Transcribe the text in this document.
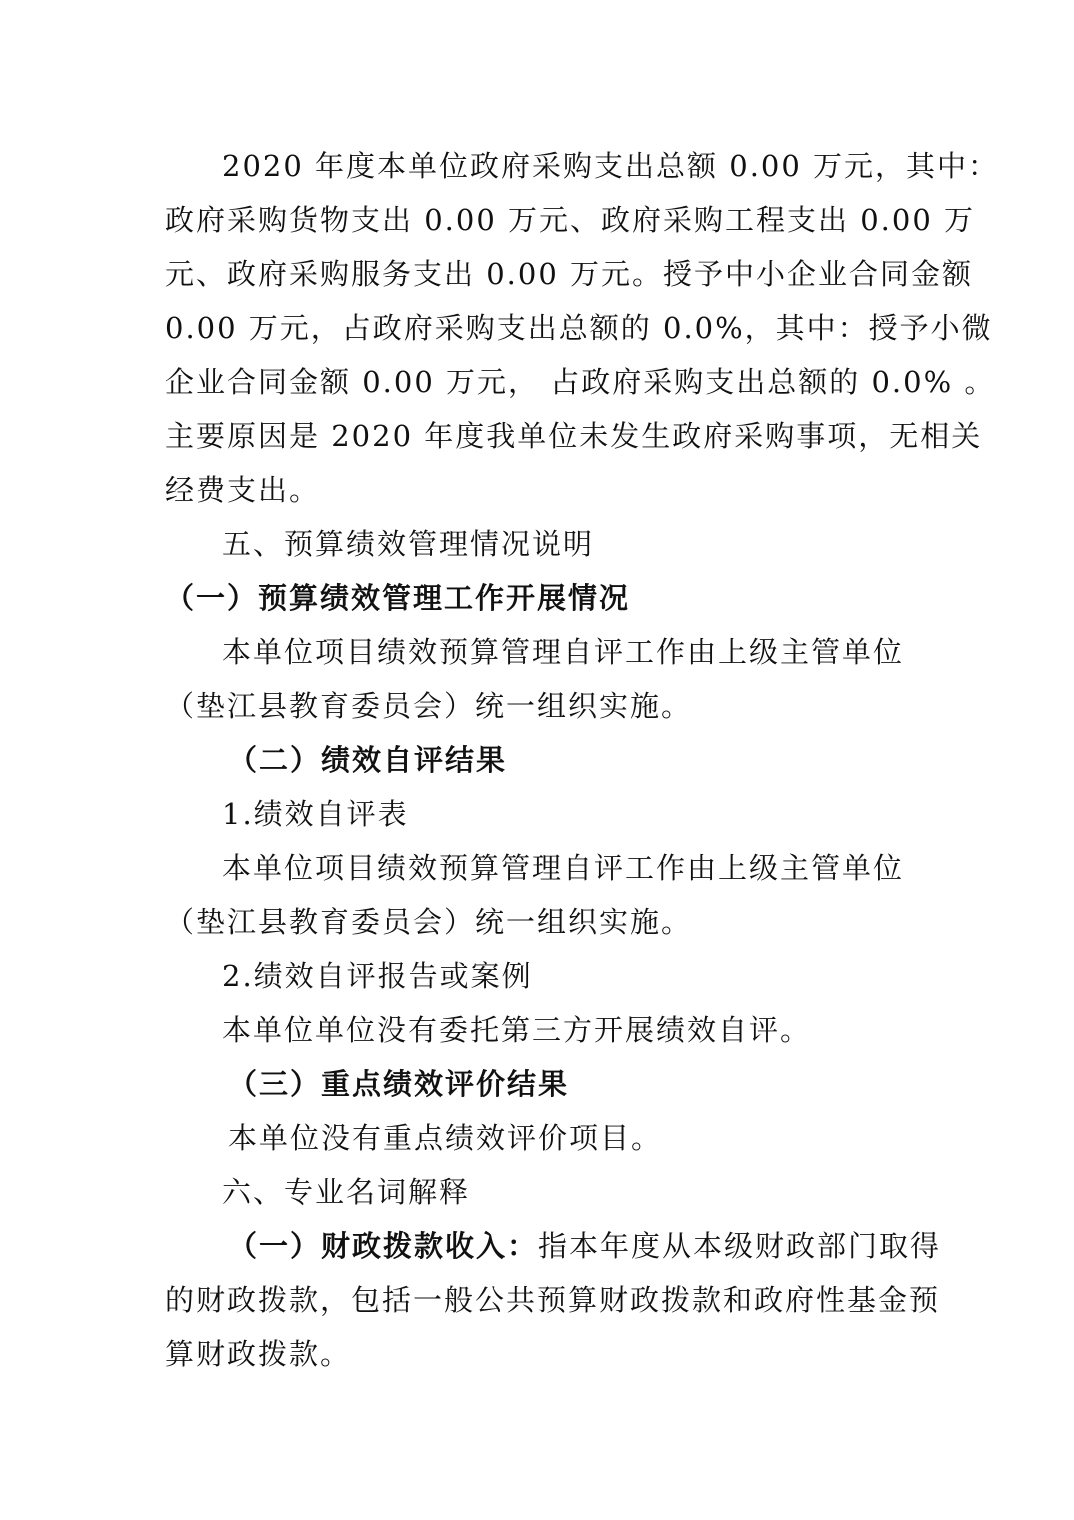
2020 年度本单位政府采购支出总额 0.00 万元，其中：
政府采购货物支出 0.00 万元、政府采购工程支出 0.00 万
元、政府采购服务支出 0.00 万元。授予中小企业合同金额
0.00 万元，占政府采购支出总额的 0.0%，其中：授予小微
企业合同金额 0.00 万元， 占政府采购支出总额的 0.0% 。
主要原因是 2020 年度我单位未发生政府采购事项，无相关
经费支出。
五、预算绩效管理情况说明
（一）预算绩效管理工作开展情况
本单位项目绩效预算管理自评工作由上级主管单位
（垫江县教育委员会）统一组织实施。
（二）绩效自评结果
1.绩效自评表
本单位项目绩效预算管理自评工作由上级主管单位
（垫江县教育委员会）统一组织实施。
2.绩效自评报告或案例
本单位单位没有委托第三方开展绩效自评。
（三）重点绩效评价结果
本单位没有重点绩效评价项目。
六、专业名词解释
（一）财政拨款收入：指本年度从本级财政部门取得
的财政拨款，包括一般公共预算财政拨款和政府性基金预
算财政拨款。
